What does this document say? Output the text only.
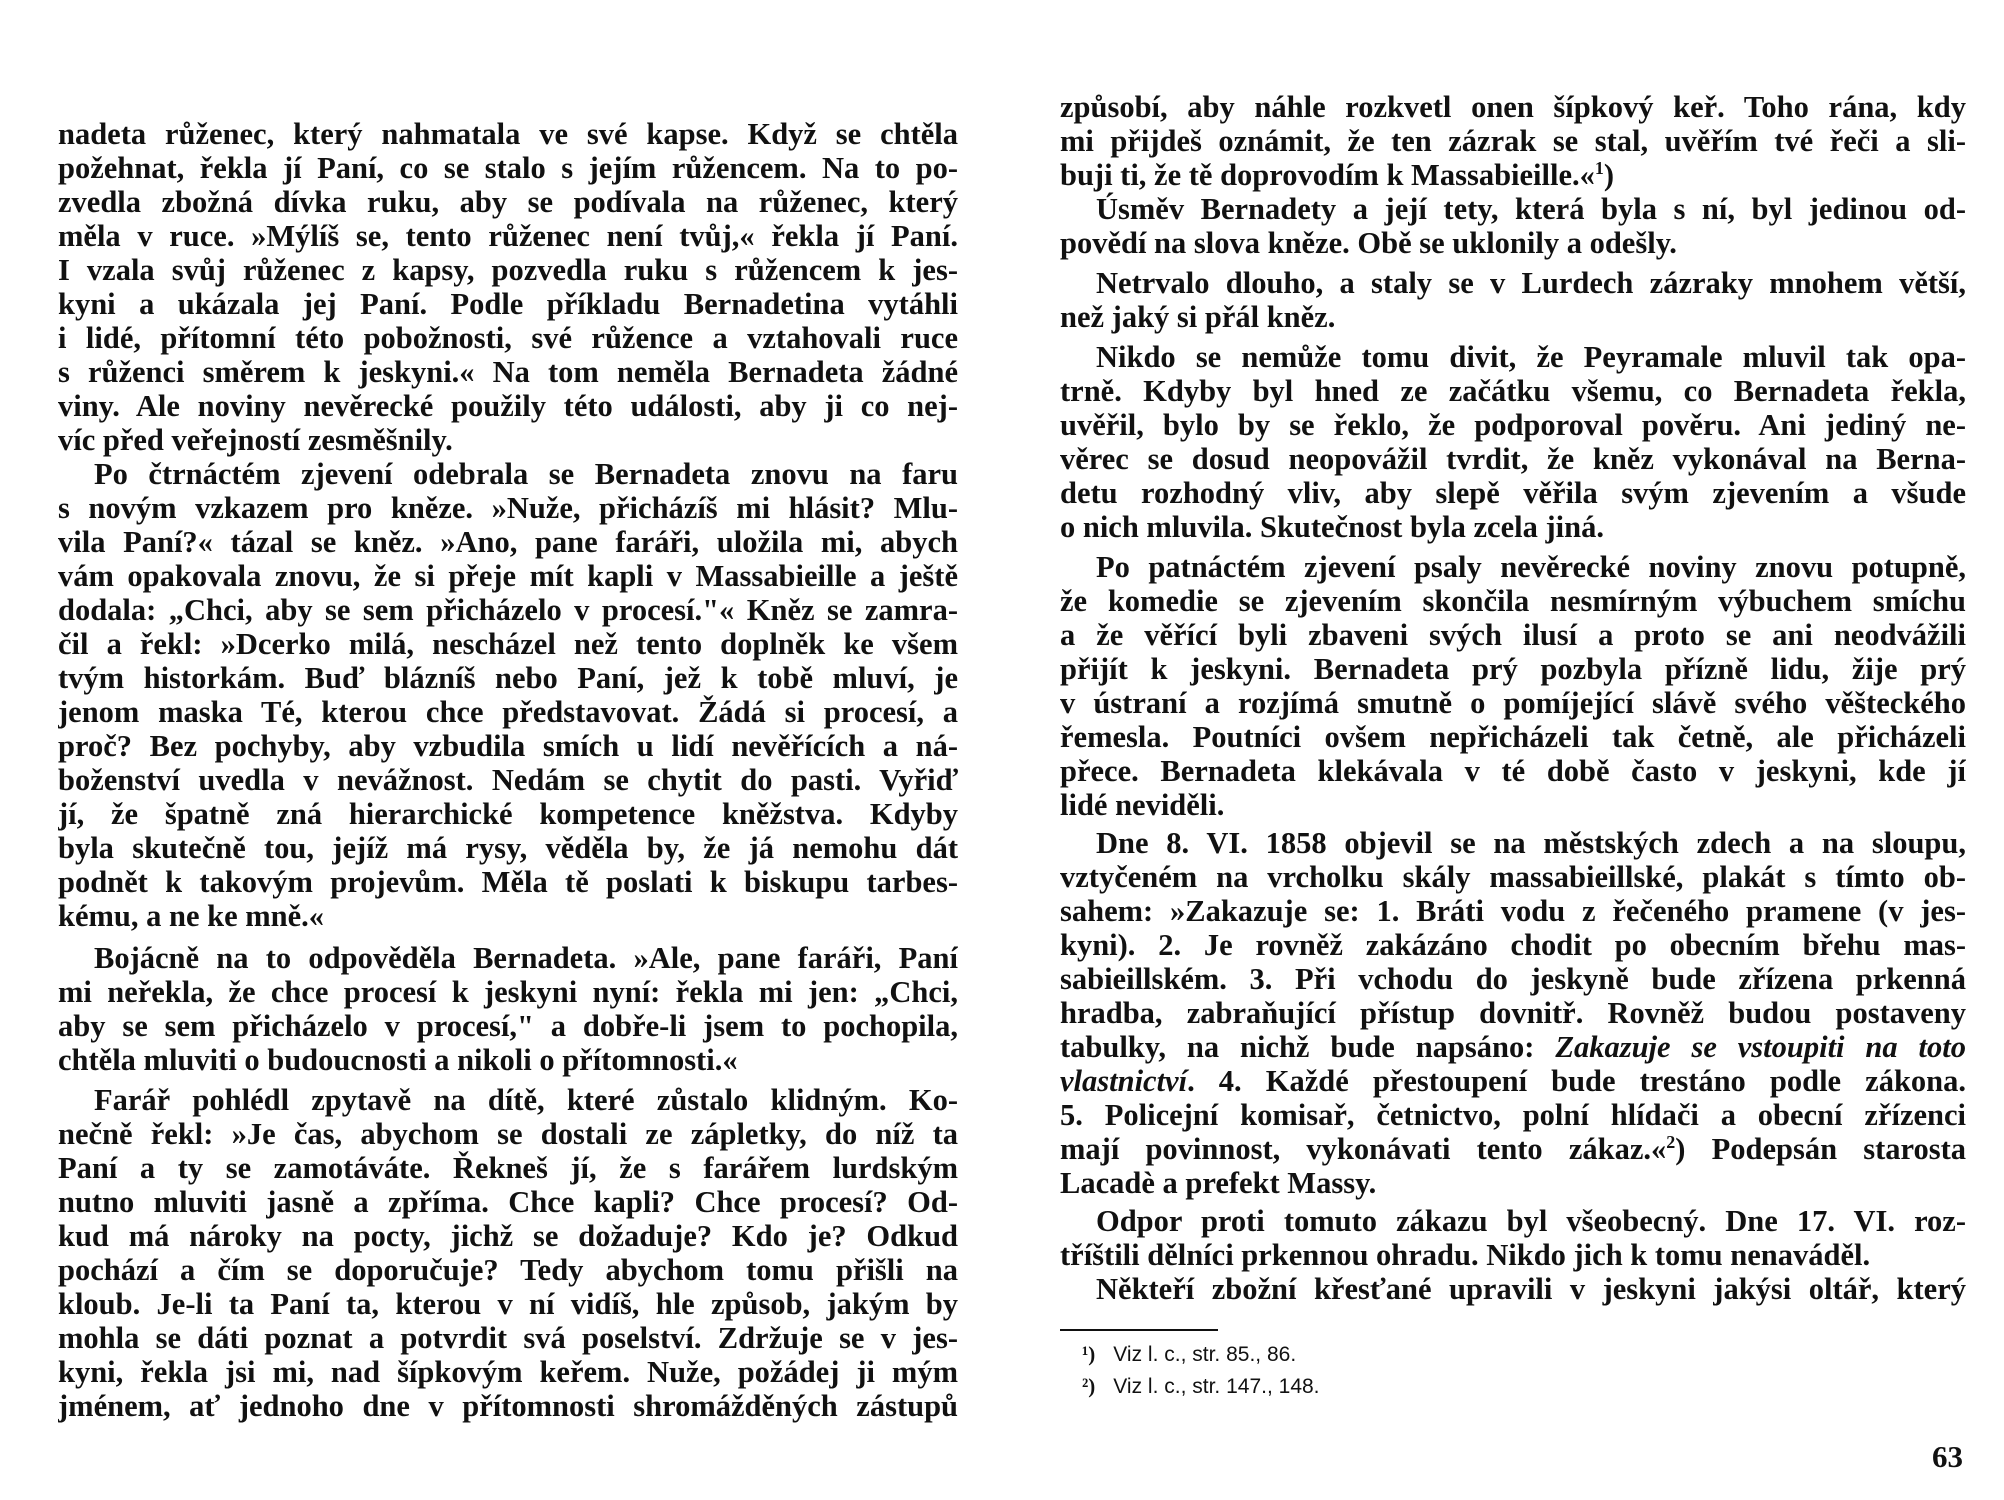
nadeta růženec, který nahmatala ve své kapse. Když se chtěla
požehnat, řekla jí Paní, co se stalo s jejím růžencem. Na to po-
zvedla zbožná dívka ruku, aby se podívala na růženec, který
měla v ruce. »Mýlíš se, tento růženec není tvůj,« řekla jí Paní.
I vzala svůj růženec z kapsy, pozvedla ruku s růžencem k jes-
kyni a ukázala jej Paní. Podle příkladu Bernadetina vytáhli
i lidé, přítomní této pobožnosti, své růžence a vztahovali ruce
s růženci směrem k jeskyni.« Na tom neměla Bernadeta žádné
viny. Ale noviny nevěrecké použily této události, aby ji co nej-
víc před veřejností zesměšnily.
Po čtrnáctém zjevení odebrala se Bernadeta znovu na faru
s novým vzkazem pro kněze. »Nuže, přicházíš mi hlásit? Mlu-
vila Paní?« tázal se kněz. »Ano, pane faráři, uložila mi, abych
vám opakovala znovu, že si přeje mít kapli v Massabieille a ještě
dodala: „Chci, aby se sem přicházelo v procesí."« Kněz se zamra-
čil a řekl: »Dcerko milá, nescházel než tento doplněk ke všem
tvým historkám. Buď blázníš nebo Paní, jež k tobě mluví, je
jenom maska Té, kterou chce představovat. Žádá si procesí, a
proč? Bez pochyby, aby vzbudila smích u lidí nevěřících a ná-
boženství uvedla v nevážnost. Nedám se chytit do pasti. Vyřiď
jí, že špatně zná hierarchické kompetence kněžstva. Kdyby
byla skutečně tou, jejíž má rysy, věděla by, že já nemohu dát
podnět k takovým projevům. Měla tě poslati k biskupu tarbes-
kému, a ne ke mně.«
Bojácně na to odpověděla Bernadeta. »Ale, pane faráři, Paní
mi neřekla, že chce procesí k jeskyni nyní: řekla mi jen: „Chci,
aby se sem přicházelo v procesí," a dobře-li jsem to pochopila,
chtěla mluviti o budoucnosti a nikoli o přítomnosti.«
Farář pohlédl zpytavě na dítě, které zůstalo klidným. Ko-
nečně řekl: »Je čas, abychom se dostali ze zápletky, do níž ta
Paní a ty se zamotáváte. Řekneš jí, že s farářem lurdským
nutno mluviti jasně a zpříma. Chce kapli? Chce procesí? Od-
kud má nároky na pocty, jichž se dožaduje? Kdo je? Odkud
pochází a čím se doporučuje? Tedy abychom tomu přišli na
kloub. Je-li ta Paní ta, kterou v ní vidíš, hle způsob, jakým by
mohla se dáti poznat a potvrdit svá poselství. Zdržuje se v jes-
kyni, řekla jsi mi, nad šípkovým keřem. Nuže, požádej ji mým
jménem, ať jednoho dne v přítomnosti shromážděných zástupů
způsobí, aby náhle rozkvetl onen šípkový keř. Toho rána, kdy
mi přijdeš oznámit, že ten zázrak se stal, uvěřím tvé řeči a sli-
buji ti, že tě doprovodím k Massabieille.«$^1$)
Úsměv Bernadety a její tety, která byla s ní, byl jedinou od-
povědí na slova kněze. Obě se uklonily a odešly.
Netrvalo dlouho, a staly se v Lurdech zázraky mnohem větší,
než jaký si přál kněz.
Nikdo se nemůže tomu divit, že Peyramale mluvil tak opa-
trně. Kdyby byl hned ze začátku všemu, co Bernadeta řekla,
uvěřil, bylo by se řeklo, že podporoval pověru. Ani jediný ne-
věrec se dosud neopovážil tvrdit, že kněz vykonával na Berna-
detu rozhodný vliv, aby slepě věřila svým zjevením a všude
o nich mluvila. Skutečnost byla zcela jiná.
Po patnáctém zjevení psaly nevěrecké noviny znovu potupně,
že komedie se zjevením skončila nesmírným výbuchem smíchu
a že věřící byli zbaveni svých ilusí a proto se ani neodvážili
přijít k jeskyni. Bernadeta prý pozbyla přízně lidu, žije prý
v ústraní a rozjímá smutně o pomíjející slávě svého věšteckého
řemesla. Poutníci ovšem nepřicházeli tak četně, ale přicházeli
přece. Bernadeta klekávala v té době často v jeskyni, kde jí
lidé neviděli.
Dne 8. VI. 1858 objevil se na městských zdech a na sloupu,
vztyčeném na vrcholku skály massabieillské, plakát s tímto ob-
sahem: »Zakazuje se: 1. Bráti vodu z řečeného pramene (v jes-
kyni). 2. Je rovněž zakázáno chodit po obecním břehu mas-
sabieillském. 3. Při vchodu do jeskyně bude zřízena prkenná
hradba, zabraňující přístup dovnitř. Rovněž budou postaveny
tabulky, na nichž bude napsáno: Zakazuje se vstoupiti na toto
vlastnictví. 4. Každé přestoupení bude trestáno podle zákona.
5. Policejní komisař, četnictvo, polní hlídači a obecní zřízenci
mají povinnost, vykonávati tento zákaz.«$^2$) Podepsán starosta
Lacadè a prefekt Massy.
Odpor proti tomuto zákazu byl všeobecný. Dne 17. VI. roz-
tříštili dělníci prkennou ohradu. Nikdo jich k tomu nenaváděl.
Někteří zbožní křesťané upravili v jeskyni jakýsi oltář, který
¹) Viz l. c., str. 85., 86.
²) Viz l. c., str. 147., 148.
63
